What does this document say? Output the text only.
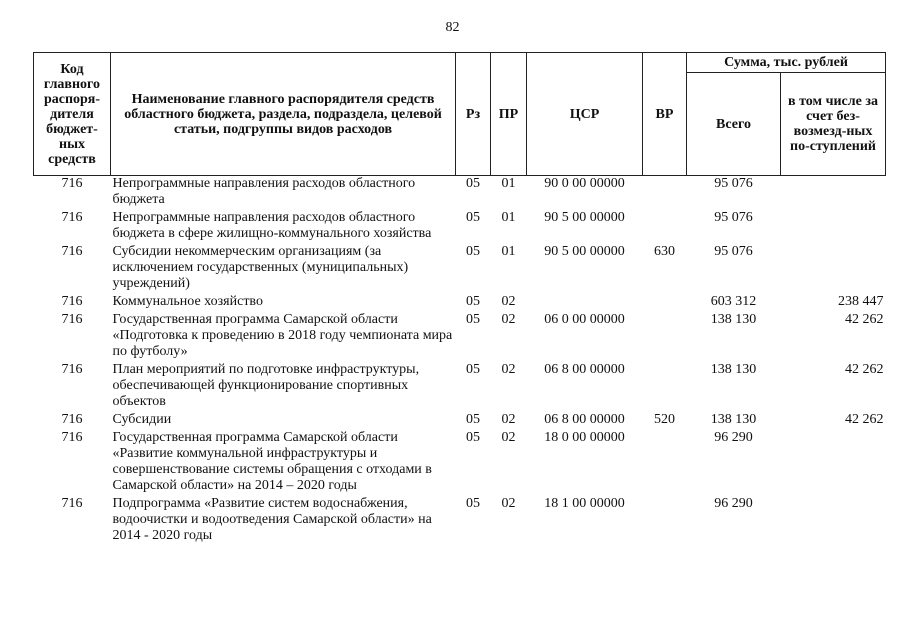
82
Код главного распоря-дителя бюджет-ных средств	Наименование главного распорядителя средств областного бюджета, раздела, подраздела, целевой статьи, подгруппы видов расходов	Рз	ПР	ЦСР	ВР	Сумма, тыс. рублей	
						Всего	в том числе за счет без-возмезд-ных по-ступлений
716	Непрограммные направления расходов областного бюджета	05	01	90 0 00 00000		95 076	
716	Непрограммные направления расходов областного бюджета в сфере жилищно-коммунального хозяйства	05	01	90 5 00 00000		95 076	
716	Субсидии некоммерческим организациям (за исключением государственных (муниципальных) учреждений)	05	01	90 5 00 00000	630	95 076	
716	Коммунальное хозяйство	05	02			603 312	238 447
716	Государственная программа Самарской области «Подготовка к проведению в 2018 году чемпионата мира по футболу»	05	02	06 0 00 00000		138 130	42 262
716	План мероприятий по подготовке инфраструктуры, обеспечивающей функционирование спортивных объектов	05	02	06 8 00 00000		138 130	42 262
716	Субсидии	05	02	06 8 00 00000	520	138 130	42 262
716	Государственная программа Самарской области «Развитие коммунальной инфраструктуры и совершенствование системы обращения с отходами в Самарской области» на 2014 – 2020 годы	05	02	18 0 00 00000		96 290	
716	Подпрограмма «Развитие систем водоснабжения, водоочистки и водоотведения Самарской области» на 2014 - 2020 годы	05	02	18 1 00 00000		96 290	
